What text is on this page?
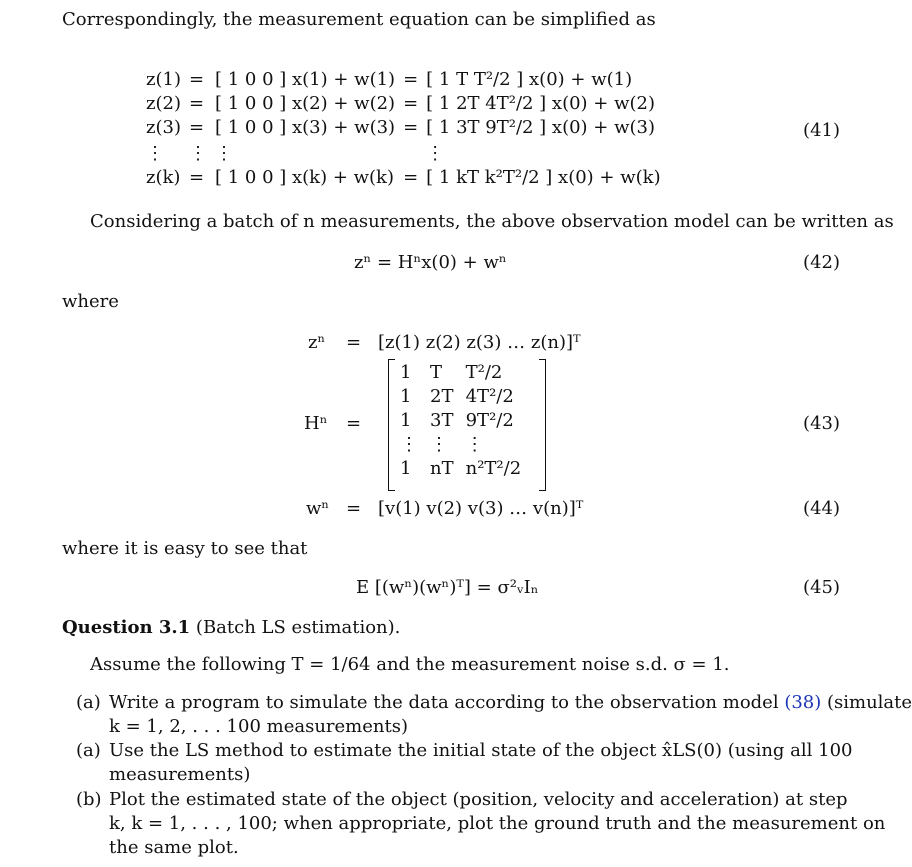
Correspondingly, the measurement equation can be simplified as
z(1)	=	[ 1 0 0 ] x(1) + w(1)	=	[ 1 T T²/2 ] x(0) + w(1)
z(2)	=	[ 1 0 0 ] x(2) + w(2)	=	[ 1 2T 4T²/2 ] x(0) + w(2)
z(3)	=	[ 1 0 0 ] x(3) + w(3)	=	[ 1 3T 9T²/2 ] x(0) + w(3)
⋮	⋮	⋮		⋮
z(k)	=	[ 1 0 0 ] x(k) + w(k)	=	[ 1 kT k²T²/2 ] x(0) + w(k)
(41)
Considering a batch of n measurements, the above observation model can be written as
zⁿ = Hⁿx(0) + wⁿ	(42)
where
zⁿ = [z(1) z(2) z(3) … z(n)]ᵀ
Hⁿ =
1	T	T²/2
1	2T	4T²/2
1	3T	9T²/2
⋮	⋮	⋮
1	nT	n²T²/2
(43)
wⁿ = [v(1) v(2) v(3) … v(n)]ᵀ	(44)
where it is easy to see that
E [(wⁿ)(wⁿ)ᵀ] = σ²ᵥIₙ	(45)
Question 3.1 (Batch LS estimation).
Assume the following T = 1/64 and the measurement noise s.d. σ = 1.
(a) Write a program to simulate the data according to the observation model (38) (simulate
k = 1, 2, . . . 100 measurements)
(a) Use the LS method to estimate the initial state of the object x̂LS(0) (using all 100
measurements)
(b) Plot the estimated state of the object (position, velocity and acceleration) at step
k, k = 1, . . . , 100; when appropriate, plot the ground truth and the measurement on
the same plot.
